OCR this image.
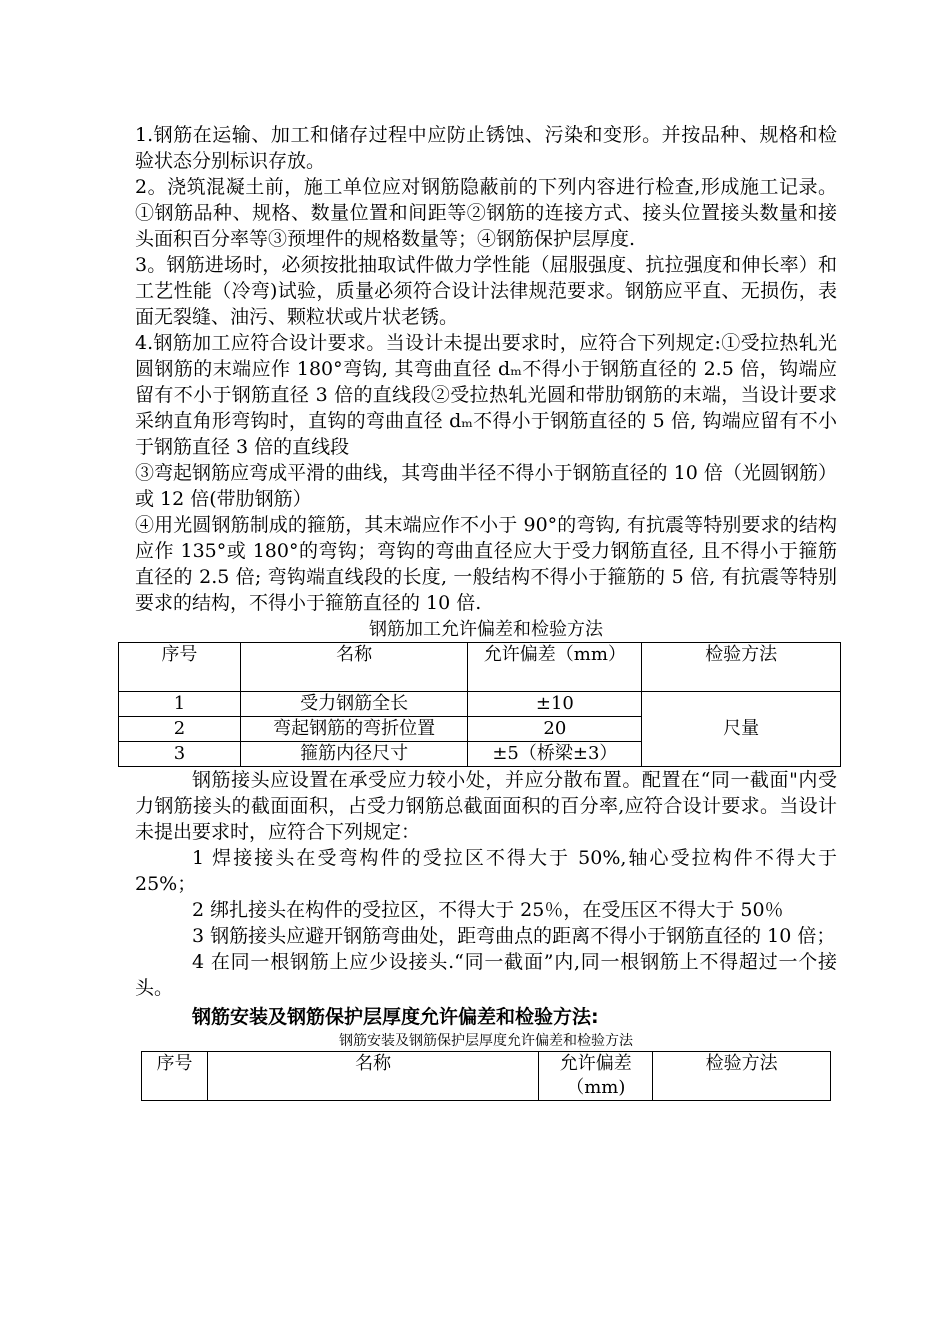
1.钢筋在运输、加工和储存过程中应防止锈蚀、污染和变形。并按品种、规格和检验状态分别标识存放。

2。浇筑混凝土前，施工单位应对钢筋隐蔽前的下列内容进行检查,形成施工记录。①钢筋品种、规格、数量位置和间距等②钢筋的连接方式、接头位置接头数量和接头面积百分率等③预埋件的规格数量等；④钢筋保护层厚度.

3。钢筋进场时，必须按批抽取试件做力学性能（屈服强度、抗拉强度和伸长率）和工艺性能（冷弯)试验，质量必须符合设计法律规范要求。钢筋应平直、无损伤，表面无裂缝、油污、颗粒状或片状老锈。

4.钢筋加工应符合设计要求。当设计未提出要求时，应符合下列规定:①受拉热轧光圆钢筋的末端应作 180°弯钩, 其弯曲直径 dₘ不得小于钢筋直径的 2.5 倍，钩端应留有不小于钢筋直径 3 倍的直线段②受拉热轧光圆和带肋钢筋的末端，当设计要求采纳直角形弯钩时，直钩的弯曲直径 dₘ不得小于钢筋直径的 5 倍, 钩端应留有不小于钢筋直径 3 倍的直线段

③弯起钢筋应弯成平滑的曲线，其弯曲半径不得小于钢筋直径的 10 倍（光圆钢筋）或 12 倍(带肋钢筋）

④用光圆钢筋制成的箍筋，其末端应作不小于 90°的弯钩, 有抗震等特别要求的结构应作 135°或 180°的弯钩；弯钩的弯曲直径应大于受力钢筋直径, 且不得小于箍筋直径的 2.5 倍; 弯钩端直线段的长度, 一般结构不得小于箍筋的 5 倍, 有抗震等特别要求的结构，不得小于箍筋直径的 10 倍.

钢筋加工允许偏差和检验方法

序号	名称	允许偏差（mm）	检验方法
1	受力钢筋全长	±10	尺量
2	弯起钢筋的弯折位置	20	
3	箍筋内径尺寸	±5（桥梁±3）	

钢筋接头应设置在承受应力较小处，并应分散布置。配置在“同一截面"内受力钢筋接头的截面面积，占受力钢筋总截面面积的百分率,应符合设计要求。当设计未提出要求时，应符合下列规定：

1 焊接接头在受弯构件的受拉区不得大于 50%,轴心受拉构件不得大于 25%；

2 绑扎接头在构件的受拉区，不得大于 25％，在受压区不得大于 50％

3 钢筋接头应避开钢筋弯曲处，距弯曲点的距离不得小于钢筋直径的 10 倍；

4 在同一根钢筋上应少设接头.“同一截面”内,同一根钢筋上不得超过一个接头。

钢筋安装及钢筋保护层厚度允许偏差和检验方法:

钢筋安装及钢筋保护层厚度允许偏差和检验方法

序号	名称	允许偏差（mm)	检验方法
